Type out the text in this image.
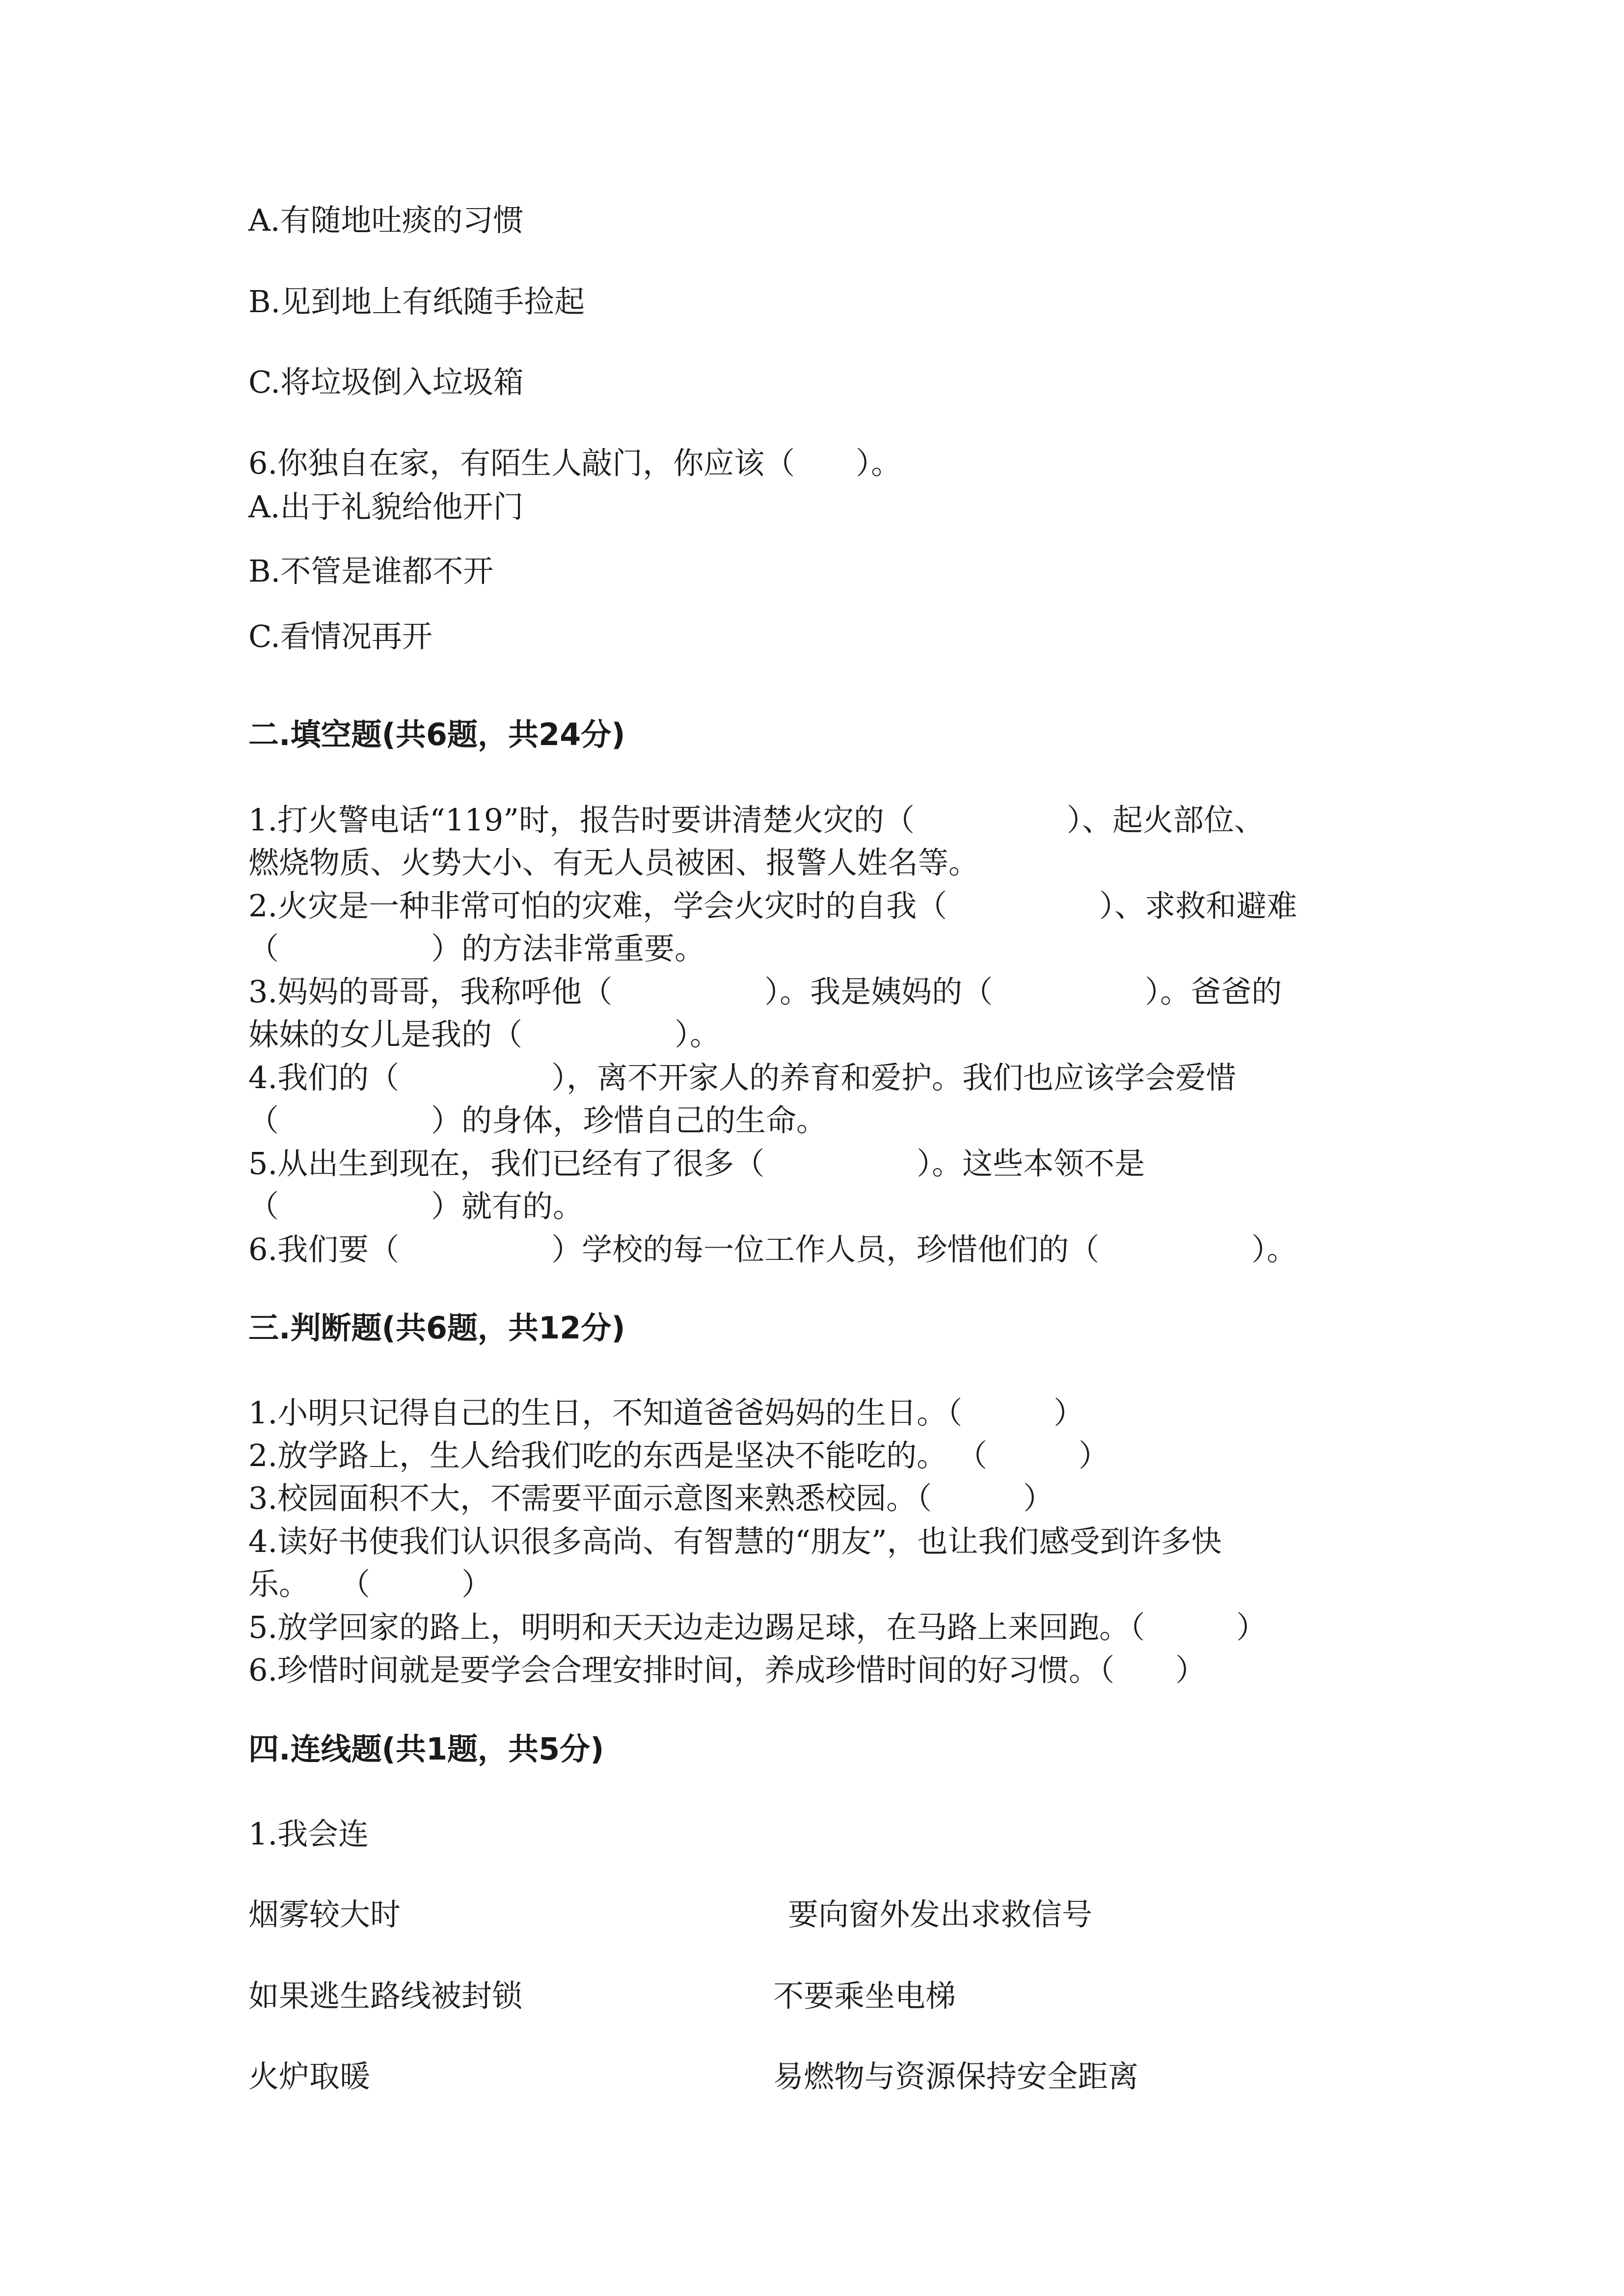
A.有随地吐痰的习惯
B.见到地上有纸随手捡起
C.将垃圾倒入垃圾箱
6.你独自在家，有陌生人敲门，你应该（　　）。
A.出于礼貌给他开门
B.不管是谁都不开
C.看情况再开
二.填空题(共6题，共24分)
1.打火警电话“119”时，报告时要讲清楚火灾的（　　　　　）、起火部位、
燃烧物质、火势大小、有无人员被困、报警人姓名等。
2.火灾是一种非常可怕的灾难，学会火灾时的自我（　　　　　）、求救和避难
（　　　　　）的方法非常重要。
3.妈妈的哥哥，我称呼他（　　　　　）。我是姨妈的（　　　　　）。爸爸的
妹妹的女儿是我的（　　　　　）。
4.我们的（　　　　　），离不开家人的养育和爱护。我们也应该学会爱惜
（　　　　　）的身体，珍惜自己的生命。
5.从出生到现在，我们已经有了很多（　　　　　）。这些本领不是
（　　　　　）就有的。
6.我们要（　　　　　）学校的每一位工作人员，珍惜他们的（　　　　　）。
三.判断题(共6题，共12分)
1.小明只记得自己的生日，不知道爸爸妈妈的生日。（　　　）
2.放学路上，生人给我们吃的东西是坚决不能吃的。 （　　　）
3.校园面积不大，不需要平面示意图来熟悉校园。（　　　）
4.读好书使我们认识很多高尚、有智慧的“朋友”，也让我们感受到许多快
乐。　　（　　　）
5.放学回家的路上，明明和天天边走边踢足球，在马路上来回跑。（　　　）
6.珍惜时间就是要学会合理安排时间，养成珍惜时间的好习惯。（　　）
四.连线题(共1题，共5分)
1.我会连
烟雾较大时	要向窗外发出求救信号
如果逃生路线被封锁	不要乘坐电梯
火炉取暖	易燃物与资源保持安全距离
